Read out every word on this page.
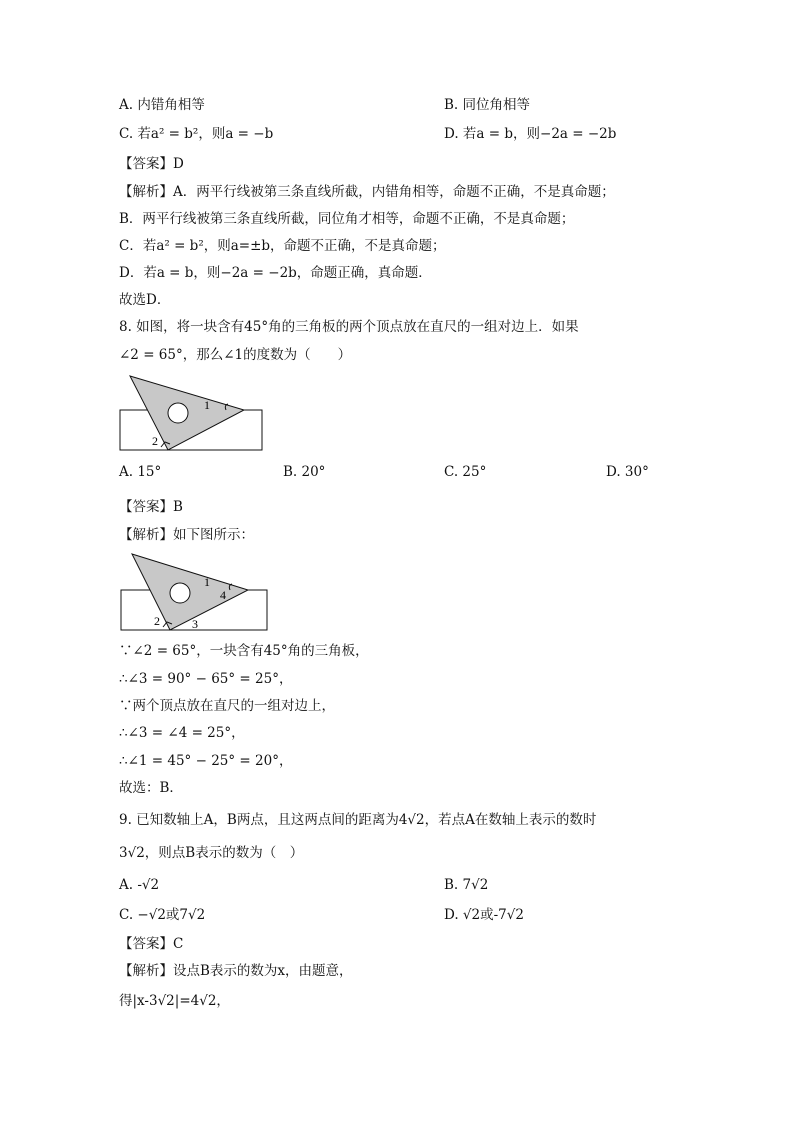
A. 内错角相等	B. 同位角相等
C. 若a² = b²，则a = −b	D. 若a = b，则−2a = −2b
【答案】D
【解析】A．两平行线被第三条直线所截，内错角相等，命题不正确，不是真命题；
B．两平行线被第三条直线所截，同位角才相等，命题不正确，不是真命题；
C．若a² = b²，则a=±b，命题不正确，不是真命题；
D．若a = b，则−2a = −2b，命题正确，真命题．
故选D．
8. 如图，将一块含有45°角的三角板的两个顶点放在直尺的一组对边上．如果
∠2 = 65°，那么∠1的度数为（　　）
1
2
A. 15°	B. 20°	C. 25°	D. 30°
【答案】B
【解析】如下图所示：
1
4
2	3
∵∠2 = 65°，一块含有45°角的三角板，
∴∠3 = 90° − 65° = 25°，
∵两个顶点放在直尺的一组对边上，
∴∠3 = ∠4 = 25°，
∴∠1 = 45° − 25° = 20°，
故选：B．
9. 已知数轴上A，B两点，且这两点间的距离为4√2，若点A在数轴上表示的数时
3√2，则点B表示的数为（　）
A. -√2	B. 7√2
C. −√2或7√2	D. √2或-7√2
【答案】C
【解析】设点B表示的数为x，由题意，
得|x-3√2|=4√2，
